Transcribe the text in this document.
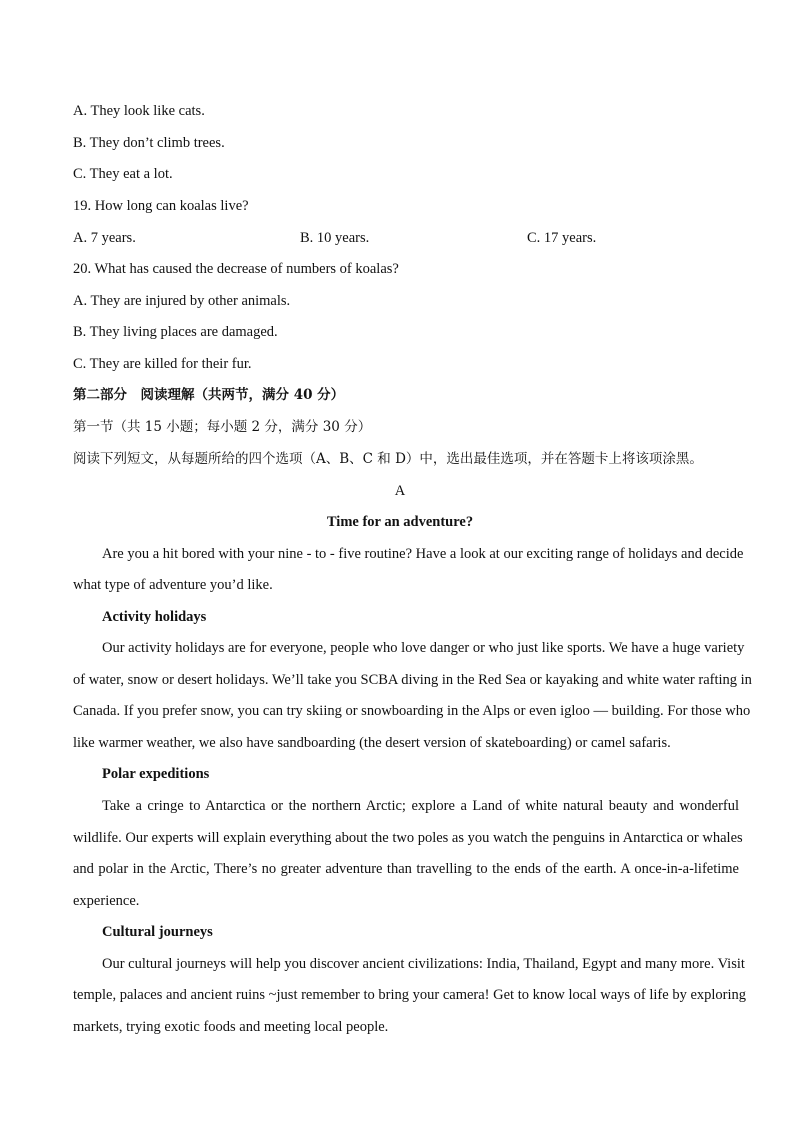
A. They look like cats.
B. They don’t climb trees.
C. They eat a lot.
19. How long can koalas live?
A. 7 years.	B. 10 years.	C. 17 years.
20. What has caused the decrease of numbers of koalas?
A. They are injured by other animals.
B. They living places are damaged.
C. They are killed for their fur.
第二部分　阅读理解（共两节，满分 40 分）
第一节（共 15 小题；每小题 2 分，满分 30 分）
阅读下列短文，从每题所给的四个选项（A、B、C 和 D）中，选出最佳选项，并在答题卡上将该项涂黑。
A
Time for an adventure?
Are you a hit bored with your nine - to - five routine? Have a look at our exciting range of holidays and decide
what type of adventure you’d like.
Activity holidays
Our activity holidays are for everyone, people who love danger or who just like sports. We have a huge variety
of water, snow or desert holidays. We’ll take you SCBA diving in the Red Sea or kayaking and white water rafting in
Canada. If you prefer snow, you can try skiing or snowboarding in the Alps or even igloo — building. For those who
like warmer weather, we also have sandboarding (the desert version of skateboarding) or camel safaris.
Polar expeditions
Take a cringe to Antarctica or the northern Arctic; explore a Land of white natural beauty and wonderful
wildlife. Our experts will explain everything about the two poles as you watch the penguins in Antarctica or whales
and polar in the Arctic, There’s no greater adventure than travelling to the ends of the earth. A once-in-a-lifetime
experience.
Cultural journeys
Our cultural journeys will help you discover ancient civilizations: India, Thailand, Egypt and many more. Visit
temple, palaces and ancient ruins ~just remember to bring your camera! Get to know local ways of life by exploring
markets, trying exotic foods and meeting local people.
